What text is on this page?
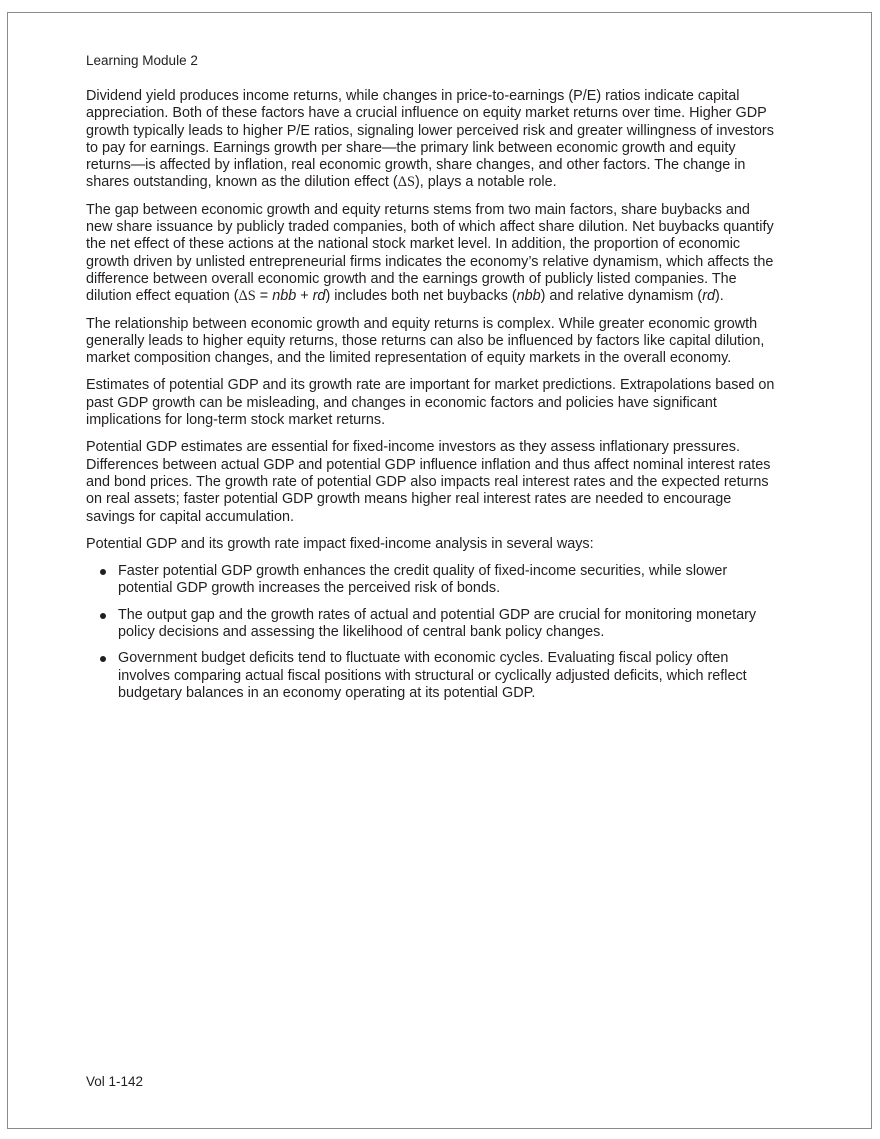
Learning Module 2

Dividend yield produces income returns, while changes in price-to-earnings (P/E) ratios indicate capital appreciation. Both of these factors have a crucial influence on equity market returns over time. Higher GDP growth typically leads to higher P/E ratios, signaling lower perceived risk and greater willingness of investors to pay for earnings. Earnings growth per share—the primary link between economic growth and equity returns—is affected by inflation, real economic growth, share changes, and other factors. The change in shares outstanding, known as the dilution effect (ΔS), plays a notable role.

The gap between economic growth and equity returns stems from two main factors, share buybacks and new share issuance by publicly traded companies, both of which affect share dilution. Net buybacks quantify the net effect of these actions at the national stock market level. In addition, the proportion of economic growth driven by unlisted entrepreneurial firms indicates the economy’s relative dynamism, which affects the difference between overall economic growth and the earnings growth of publicly listed companies. The dilution effect equation (ΔS = nbb + rd) includes both net buybacks (nbb) and relative dynamism (rd).

The relationship between economic growth and equity returns is complex. While greater economic growth generally leads to higher equity returns, those returns can also be influenced by factors like capital dilution, market composition changes, and the limited representation of equity markets in the overall economy.

Estimates of potential GDP and its growth rate are important for market predictions. Extrapolations based on past GDP growth can be misleading, and changes in economic factors and policies have significant implications for long-term stock market returns.

Potential GDP estimates are essential for fixed-income investors as they assess inflationary pressures. Differences between actual GDP and potential GDP influence inflation and thus affect nominal interest rates and bond prices. The growth rate of potential GDP also impacts real interest rates and the expected returns on real assets; faster potential GDP growth means higher real interest rates are needed to encourage savings for capital accumulation.

Potential GDP and its growth rate impact fixed-income analysis in several ways:

Faster potential GDP growth enhances the credit quality of fixed-income securities, while slower potential GDP growth increases the perceived risk of bonds.
The output gap and the growth rates of actual and potential GDP are crucial for monitoring monetary policy decisions and assessing the likelihood of central bank policy changes.
Government budget deficits tend to fluctuate with economic cycles. Evaluating fiscal policy often involves comparing actual fiscal positions with structural or cyclically adjusted deficits, which reflect budgetary balances in an economy operating at its potential GDP.
Vol 1-142
